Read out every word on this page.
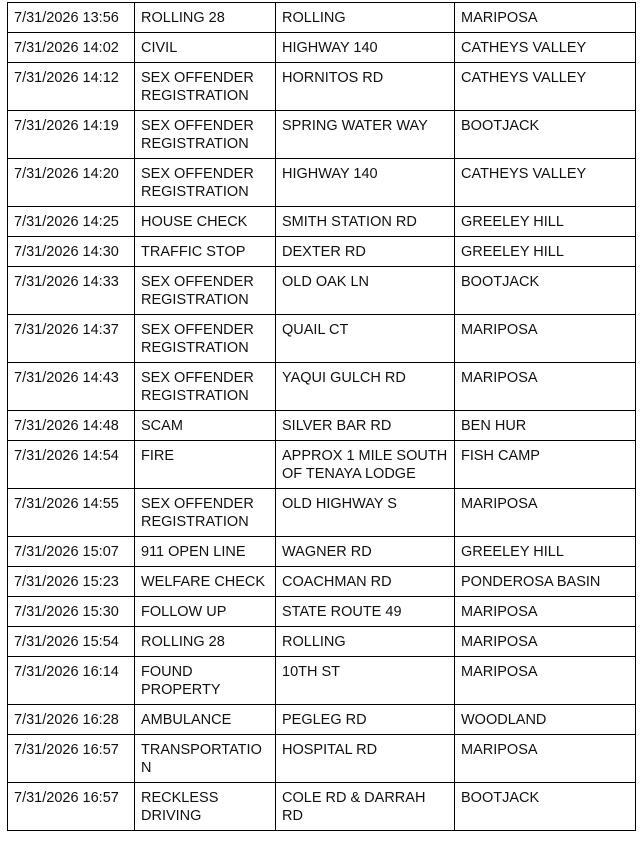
7/31/2026 13:56	ROLLING 28	ROLLING	MARIPOSA
7/31/2026 14:02	CIVIL	HIGHWAY 140	CATHEYS VALLEY
7/31/2026 14:12	SEX OFFENDER REGISTRATION	HORNITOS RD	CATHEYS VALLEY
7/31/2026 14:19	SEX OFFENDER REGISTRATION	SPRING WATER WAY	BOOTJACK
7/31/2026 14:20	SEX OFFENDER REGISTRATION	HIGHWAY 140	CATHEYS VALLEY
7/31/2026 14:25	HOUSE CHECK	SMITH STATION RD	GREELEY HILL
7/31/2026 14:30	TRAFFIC STOP	DEXTER RD	GREELEY HILL
7/31/2026 14:33	SEX OFFENDER REGISTRATION	OLD OAK LN	BOOTJACK
7/31/2026 14:37	SEX OFFENDER REGISTRATION	QUAIL CT	MARIPOSA
7/31/2026 14:43	SEX OFFENDER REGISTRATION	YAQUI GULCH RD	MARIPOSA
7/31/2026 14:48	SCAM	SILVER BAR RD	BEN HUR
7/31/2026 14:54	FIRE	APPROX 1 MILE SOUTH OF TENAYA LODGE	FISH CAMP
7/31/2026 14:55	SEX OFFENDER REGISTRATION	OLD HIGHWAY S	MARIPOSA
7/31/2026 15:07	911 OPEN LINE	WAGNER RD	GREELEY HILL
7/31/2026 15:23	WELFARE CHECK	COACHMAN RD	PONDEROSA BASIN
7/31/2026 15:30	FOLLOW UP	STATE ROUTE 49	MARIPOSA
7/31/2026 15:54	ROLLING 28	ROLLING	MARIPOSA
7/31/2026 16:14	FOUND PROPERTY	10TH ST	MARIPOSA
7/31/2026 16:28	AMBULANCE	PEGLEG RD	WOODLAND
7/31/2026 16:57	TRANSPORTATION	HOSPITAL RD	MARIPOSA
7/31/2026 16:57	RECKLESS DRIVING	COLE RD & DARRAH RD	BOOTJACK
